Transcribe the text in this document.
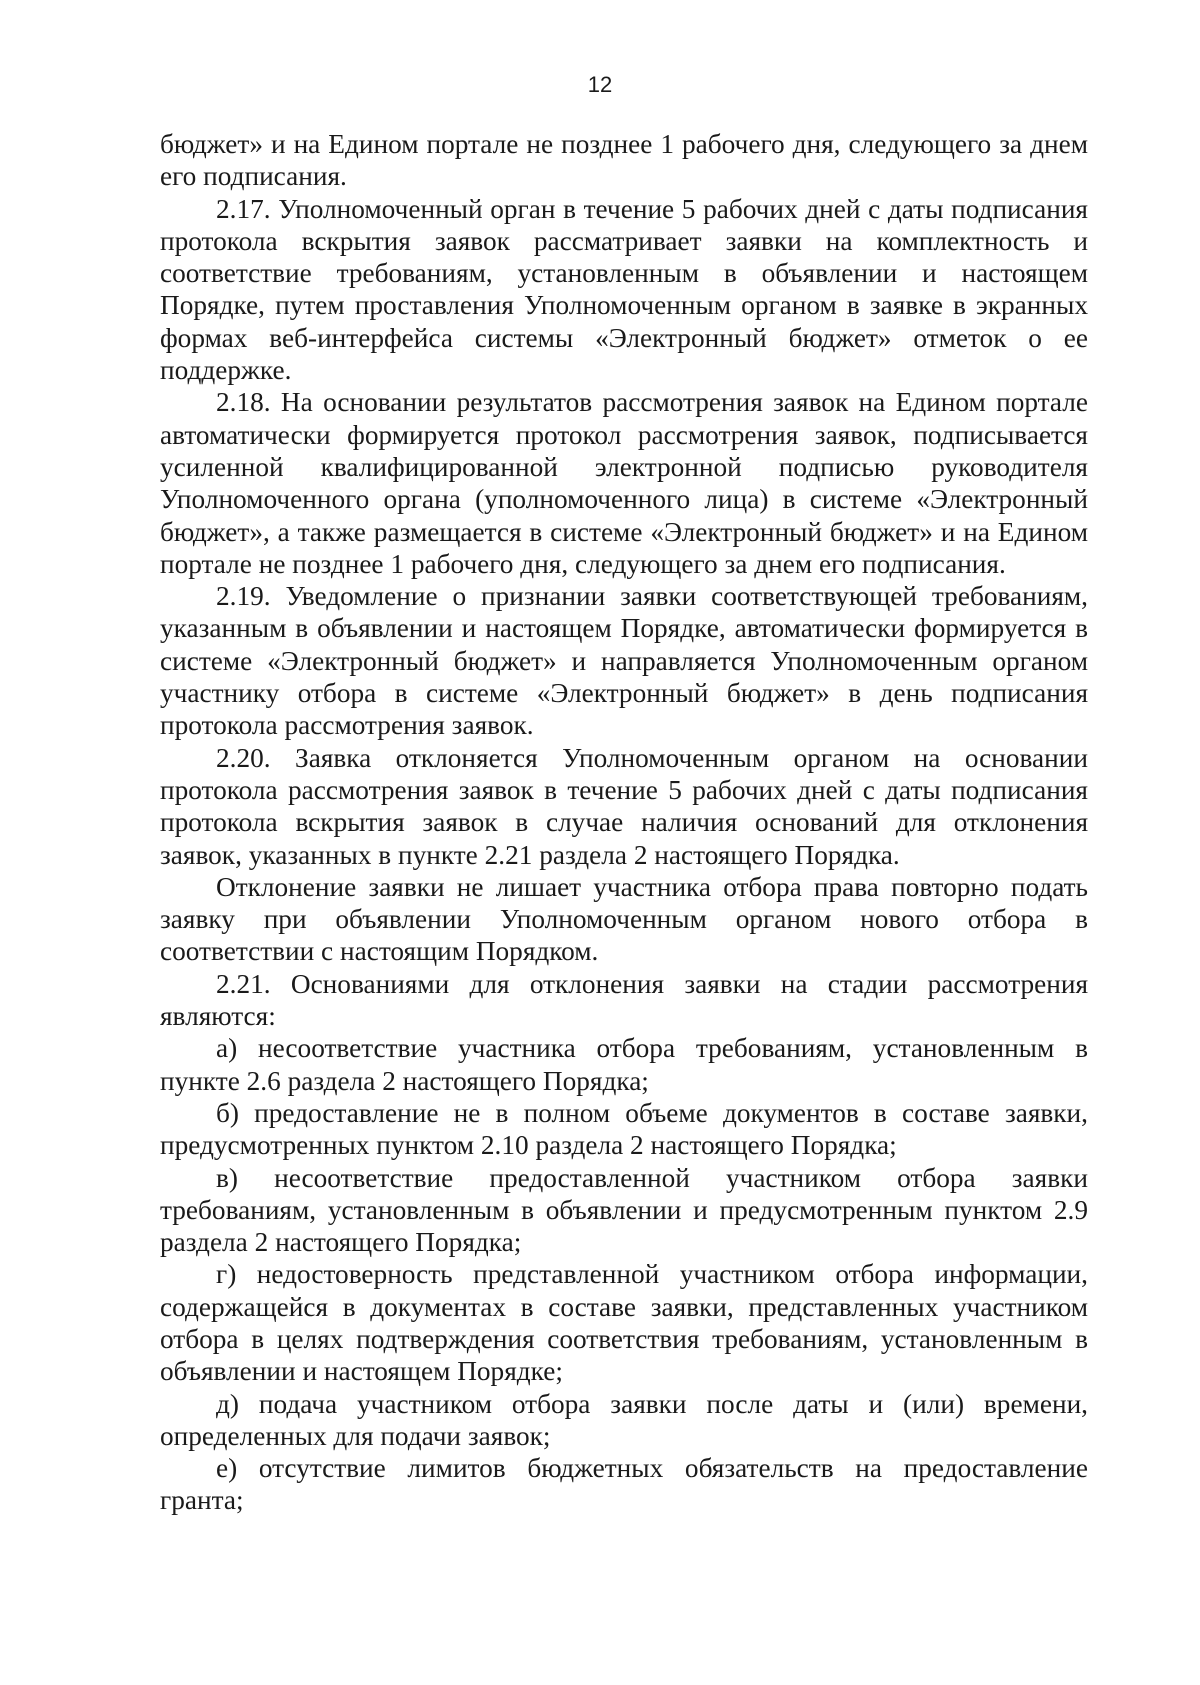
12

бюджет» и на Едином портале не позднее 1 рабочего дня, следующего за днем его подписания.

2.17. Уполномоченный орган в течение 5 рабочих дней с даты подписания протокола вскрытия заявок рассматривает заявки на комплектность и соответствие требованиям, установленным в объявлении и настоящем Порядке, путем проставления Уполномоченным органом в заявке в экранных формах веб-интерфейса системы «Электронный бюджет» отметок о ее поддержке.

2.18. На основании результатов рассмотрения заявок на Едином портале автоматически формируется протокол рассмотрения заявок, подписывается усиленной квалифицированной электронной подписью руководителя Уполномоченного органа (уполномоченного лица) в системе «Электронный бюджет», а также размещается в системе «Электронный бюджет» и на Едином портале не позднее 1 рабочего дня, следующего за днем его подписания.

2.19. Уведомление о признании заявки соответствующей требованиям, указанным в объявлении и настоящем Порядке, автоматически формируется в системе «Электронный бюджет» и направляется Уполномоченным органом участнику отбора в системе «Электронный бюджет» в день подписания протокола рассмотрения заявок.

2.20. Заявка отклоняется Уполномоченным органом на основании протокола рассмотрения заявок в течение 5 рабочих дней с даты подписания протокола вскрытия заявок в случае наличия оснований для отклонения заявок, указанных в пункте 2.21 раздела 2 настоящего Порядка.

Отклонение заявки не лишает участника отбора права повторно подать заявку при объявлении Уполномоченным органом нового отбора в соответствии с настоящим Порядком.

2.21. Основаниями для отклонения заявки на стадии рассмотрения являются:

а) несоответствие участника отбора требованиям, установленным в пункте 2.6 раздела 2 настоящего Порядка;

б) предоставление не в полном объеме документов в составе заявки, предусмотренных пунктом 2.10 раздела 2 настоящего Порядка;

в) несоответствие предоставленной участником отбора заявки требованиям, установленным в объявлении и предусмотренным пунктом 2.9 раздела 2 настоящего Порядка;

г) недостоверность представленной участником отбора информации, содержащейся в документах в составе заявки, представленных участником отбора в целях подтверждения соответствия требованиям, установленным в объявлении и настоящем Порядке;

д) подача участником отбора заявки после даты и (или) времени, определенных для подачи заявок;

е) отсутствие лимитов бюджетных обязательств на предоставление гранта;
